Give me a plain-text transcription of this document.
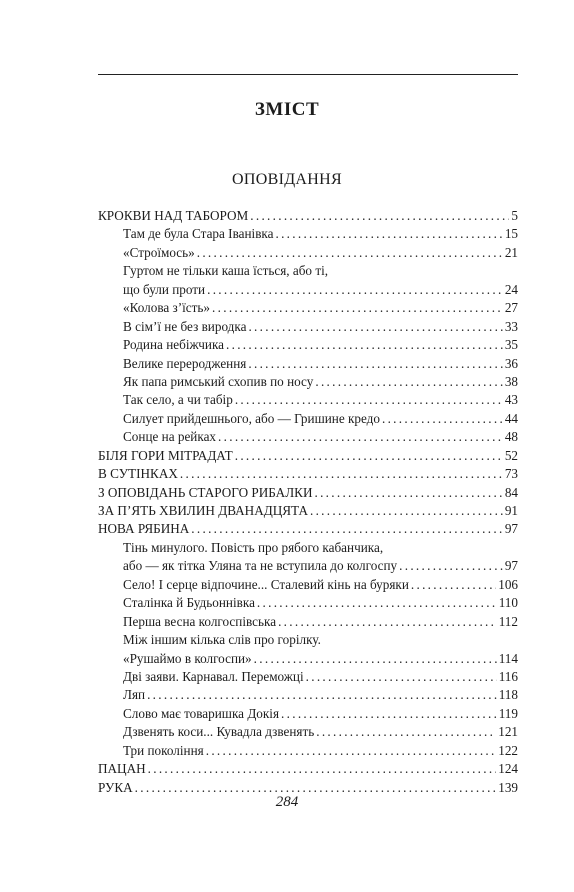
ЗМІСТ
ОПОВІДАННЯ
КРОКВИ НАД ТАБОРОМ . . .	5
Там де була Стара Іванівка . . .	15
«Строїмось» . . .	21
Гуртом не тільки каша їсться, або ті,
що були проти . . .	24
«Колова з’їсть» . . .	27
В сім’ї не без виродка . . .	33
Родина небіжчика . . .	35
Велике перeродження . . .	36
Як папа римський схопив по носу . . .	38
Так село, а чи табір . . .	43
Силует прийдешнього, або — Гришине кредо . . .	44
Сонце на рейках . . .	48
БІЛЯ ГОРИ МІТРАДАТ . . .	52
В СУТІНКАХ . . .	73
З ОПОВІДАНЬ СТАРОГО РИБАЛКИ . . .	84
ЗА П’ЯТЬ ХВИЛИН ДВАНАДЦЯТА . . .	91
НОВА РЯБИНА . . .	97
Тінь минулого. Повість про рябого кабанчика,
або — як тітка Уляна та не вступила до колгоспу . . .	97
Село! І серце відпочине... Сталевий кінь на буряки . . .	106
Сталінка й Будьоннівка . . .	110
Перша весна колгоспівська . . .	112
Між іншим кілька слів про горілку.
«Рушаймо в колгоспи» . . .	114
Дві заяви. Карнавал. Переможці . . .	116
Ляп . . .	118
Слово має товаришка Докія . . .	119
Дзвенять коси... Кувадла дзвенять . . .	121
Три покоління . . .	122
ПАЦАН . . .	124
РУКА . . .	139
284
